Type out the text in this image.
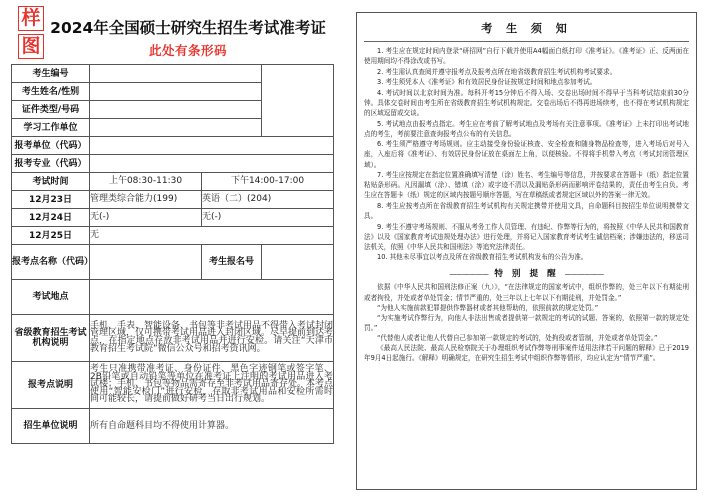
样
图
2024年全国硕士研究生招生考试准考证
此处有条形码
考生编号			
考生姓名/性别			
证件类型/号码			
学习工作单位			
报考单位（代码）			
报考专业（代码）			
考试时间	上午08:30-11:30	下午14:00-17:00	
12月23日	管理类综合能力(199)	英语（二）(204)	
12月24日	无(-)	无(-)	
12月25日	无		
报考点名称（代码）		考生报名号	
考试地点			
省级教育招生考试机构说明	手机、手表、智能设备、书包等非考试用品不得带入考试封闭管理区域，仅可携带考试用品进入封闭区域。尽早提前到达考点，在指定地点存放非考试用品并进行安检。请关注“天津市教育招生考试院”微信公众号和招考资讯网。		
报考点说明	考生只准携带准考证、身份证件、黑色字迹钢笔或签字笔、2B铅笔或自动铅笔等单位在准考证上注明的考试用品进入考试楼；手机、书包等物品需寄存至非考试用品寄存处。本考点使用“智能安检门”进行安检，存取非考试用品和安检所需时间可能较长，请提前做好研考当日出行规划。		
招生单位说明	所有自命题科目均不得使用计算器。		
考 生 须 知

1. 考生应在规定时间内登录“研招网”自行下载并使用A4幅面白纸打印《准考证》。《准考证》正、反两面在使用期间均不得涂改或书写。

2. 考生需认真查阅并遵守报考点及报考点所在地省级教育招生考试机构考试要求。

3. 考生须凭本人《准考证》和有效居民身份证按规定时间和地点参加考试。

4. 考试时间以北京时间为准。每科开考15分钟后不得入场、交卷出场时间不得早于当科考试结束前30分钟。具体交卷时间由考生所在省级教育招生考试机构规定。交卷出场后不得再进场续考，也不得在考试机构规定的区域逗留或交谈。

5. 考试地点由报考点指定。考生应在考前了解考试地点及考场有关注意事项。《准考证》上未打印出考试地点的考生，考前要注意查询报考点公布的有关信息。

6. 考生须严格遵守考场规则。应主动接受身份验证核查、安全检查和随身物品检查等，进入考场后对号入座，入座后将《准考证》、有效居民身份证放在桌面左上角，以便核验。不得将手机带入考点（考试封闭管理区域）。

7. 考生应按规定在指定位置准确填写清楚（涂）姓名、考生编号等信息，并按要求在答题卡（纸）指定位置粘贴条形码。凡因漏填（涂）、错填（涂）或字迹不清以及漏贴条形码而影响评卷结果的，责任由考生自负。考生应在答题卡（纸）规定的区域内按题号顺序答题，写在草稿纸或者规定区域以外的答案一律无效。

8. 考生应按考点所在省级教育招生考试机构有关规定携带并使用文具，自命题科目按招生单位说明携带文具。

9. 考生不遵守考场规则、不服从考务工作人员管理、有违纪、作弊等行为的，将按照《中华人民共和国教育法》以及《国家教育考试违规处理办法》进行处理，并将记入国家教育考试考生诚信档案；涉嫌违法的，移送司法机关，依照《中华人民共和国刑法》等追究法律责任。

10. 其他未尽事宜以考点及所在省级教育招生考试机构发布的公告为准。

—————— 特 别 提 醒 ——————

依据《中华人民共和国刑法修正案（九）》，“在法律规定的国家考试中，组织作弊的，处三年以下有期徒刑或者拘役，并处或者单处罚金；情节严重的，处三年以上七年以下有期徒刑，并处罚金。”

“为他人实施前款犯罪提供作弊器材或者其他帮助的，依照前款的规定处罚。”

“为实施考试作弊行为，向他人非法出售或者提供第一款规定的考试的试题、答案的，依照第一款的规定处罚。”

“代替他人或者让他人代替自己参加第一款规定的考试的，处拘役或者管制，并处或者单处罚金。”

《最高人民法院、最高人民检察院关于办理组织考试作弊等刑事案件适用法律若干问题的解释》已于2019年9月4日起施行。《解释》明确规定，在研究生招生考试中组织作弊等情形，均应认定为“情节严重”。
